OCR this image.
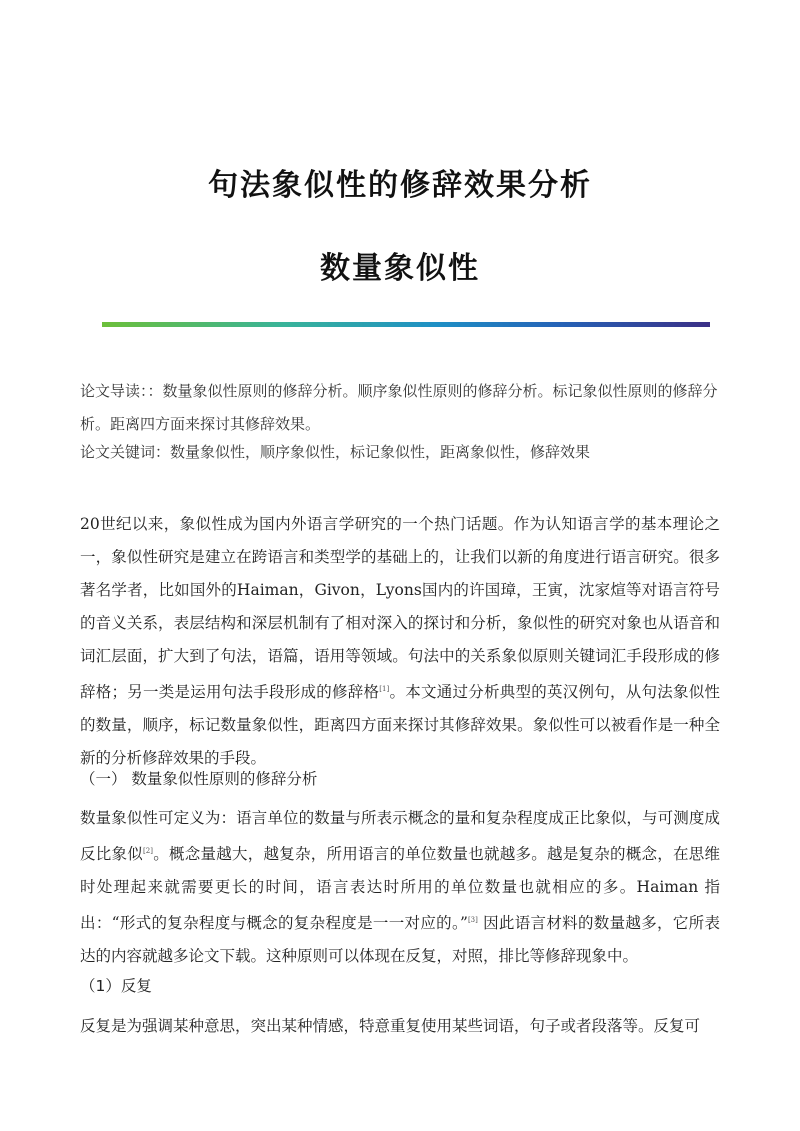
句法象似性的修辞效果分析
数量象似性

论文导读：：数量象似性原则的修辞分析。顺序象似性原则的修辞分析。标记象似性原则的修辞分析。距离四方面来探讨其修辞效果。

论文关键词：数量象似性，顺序象似性，标记象似性，距离象似性，修辞效果

20世纪以来，象似性成为国内外语言学研究的一个热门话题。作为认知语言学的基本理论之一，象似性研究是建立在跨语言和类型学的基础上的，让我们以新的角度进行语言研究。很多著名学者，比如国外的Haiman，Givon，Lyons国内的许国璋，王寅，沈家煊等对语言符号的音义关系，表层结构和深层机制有了相对深入的探讨和分析，象似性的研究对象也从语音和词汇层面，扩大到了句法，语篇，语用等领域。句法中的关系象似原则关键词汇手段形成的修辞格；另一类是运用句法手段形成的修辞格[1]。本文通过分析典型的英汉例句，从句法象似性的数量，顺序，标记数量象似性，距离四方面来探讨其修辞效果。象似性可以被看作是一种全新的分析修辞效果的手段。

（一） 数量象似性原则的修辞分析

数量象似性可定义为：语言单位的数量与所表示概念的量和复杂程度成正比象似，与可测度成反比象似[2]。概念量越大，越复杂，所用语言的单位数量也就越多。越是复杂的概念，在思维时处理起来就需要更长的时间，语言表达时所用的单位数量也就相应的多。Haiman 指出：“形式的复杂程度与概念的复杂程度是一一对应的。”[3] 因此语言材料的数量越多，它所表达的内容就越多论文下载。这种原则可以体现在反复，对照，排比等修辞现象中。

（1）反复

反复是为强调某种意思，突出某种情感，特意重复使用某些词语，句子或者段落等。反复可
